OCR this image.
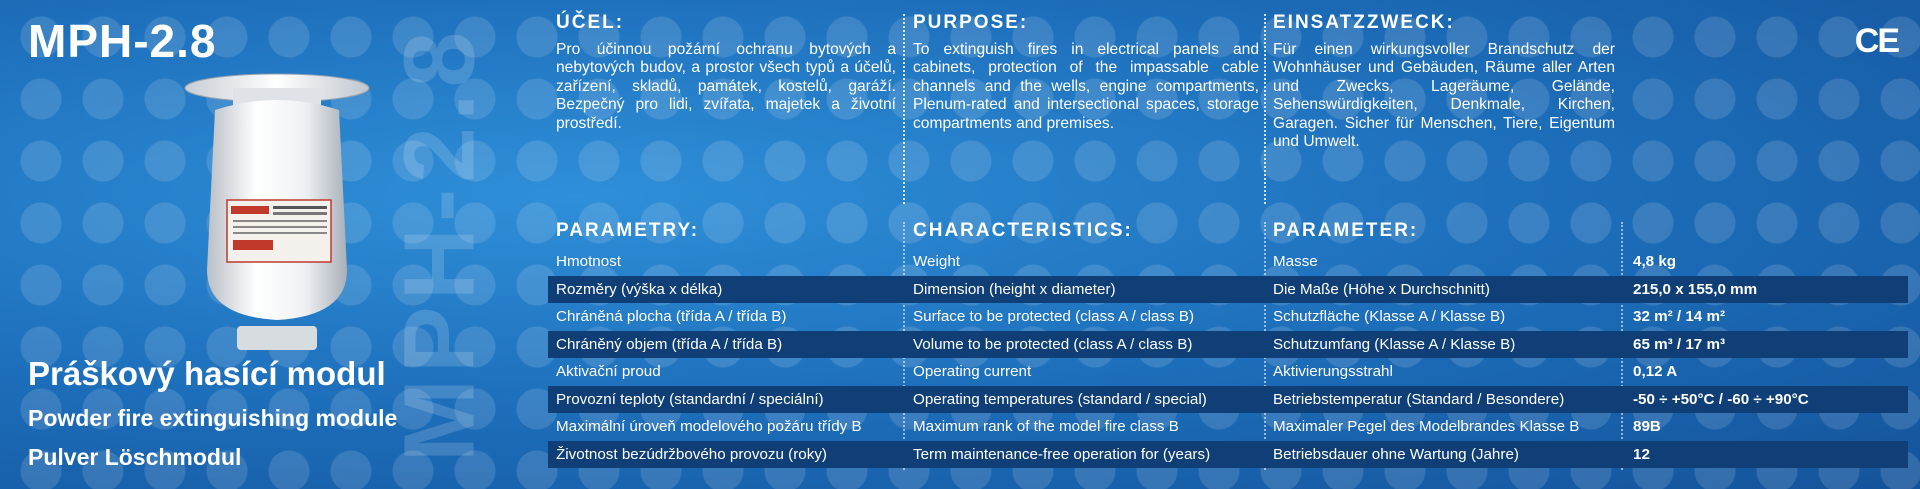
MPH-2.8 MPH-2.8
Práškový hasící modul
Powder fire extinguishing module
Pulver Löschmodul
CE
ÚČEL:

Pro účinnou požární ochranu bytových a nebytových budov, a prostor všech typů a účelů, zařízení, skladů, památek, kostelů, garáží. Bezpečný pro lidi, zvířata, majetek a životní prostředí.

PURPOSE:

To extinguish fires in electrical panels and cabinets, protection of the impassable cable channels and the wells, engine compartments, Plenum-rated and intersectional spaces, storage compartments and premises.

EINSATZZWECK:

Für einen wirkungsvoller Brandschutz der Wohnhäuser und Gebäuden, Räume aller Arten und Zwecks, Lageräume, Gelände, Sehenswürdigkeiten, Denkmale, Kirchen, Garagen. Sicher für Menschen, Tiere, Eigentum und Umwelt.

PARAMETRY:	CHARACTERISTICS:	PARAMETER:
Hmotnost	Weight	Masse	4,8 kg
Rozměry (výška x délka)	Dimension (height x diameter)	Die Maße (Höhe x Durchschnitt)	215,0 x 155,0 mm
Chráněná plocha (třída A / třída B)	Surface to be protected (class A / class B)	Schutzfläche (Klasse A / Klasse B)	32 m² / 14 m²
Chráněný objem (třída A / třída B)	Volume to be protected (class A / class B)	Schutzumfang (Klasse A / Klasse B)	65 m³ / 17 m³
Aktivační proud	Operating current	Aktivierungsstrahl	0,12 A
Provozní teploty (standardní / speciální)	Operating temperatures (standard / special)	Betriebstemperatur (Standard / Besondere)	-50 ÷ +50°C / -60 ÷ +90°C
Maximální úroveň modelového požáru třídy B	Maximum rank of the model fire class B	Maximaler Pegel des Modelbrandes Klasse B	89B
Životnost bezúdržbového provozu (roky)	Term maintenance-free operation for (years)	Betriebsdauer ohne Wartung (Jahre)	12
